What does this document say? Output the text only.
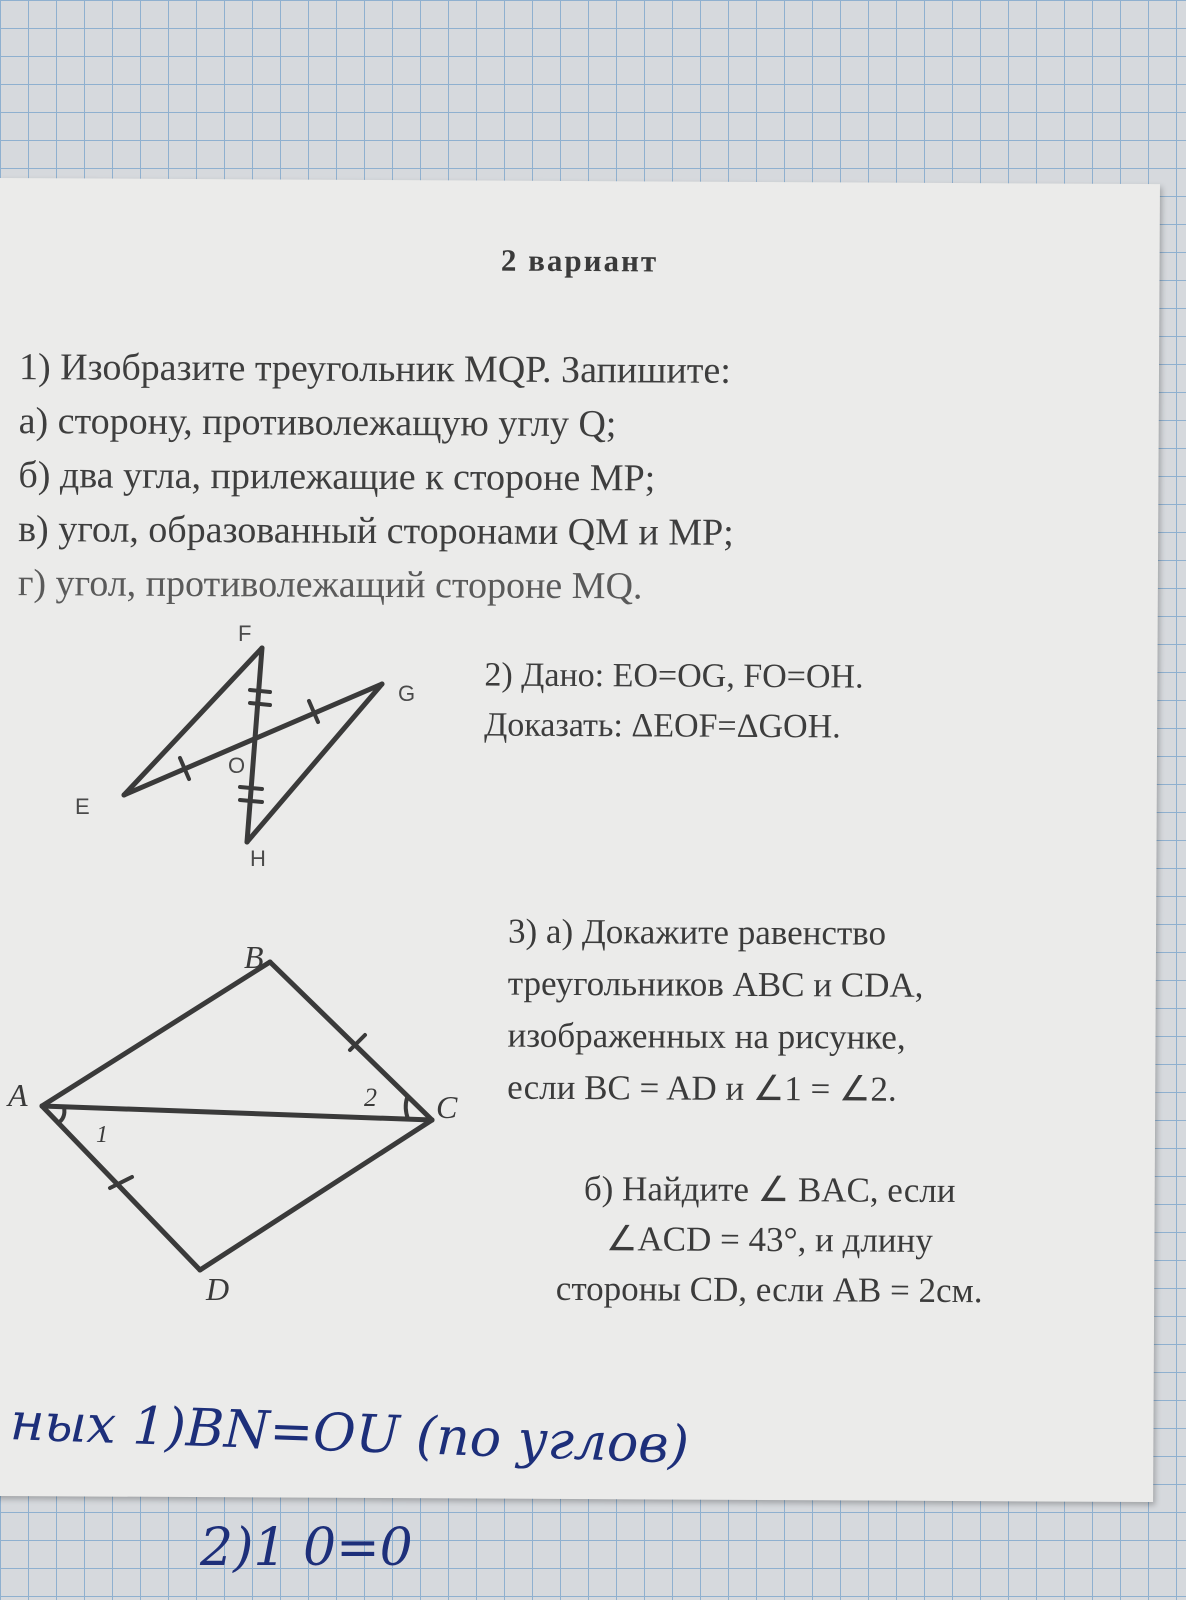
2 вариант
1) Изобразите треугольник MQP. Запишите:
а) сторону, противолежащую углу Q;
б) два угла, прилежащие к стороне MP;
в) угол, образованный сторонами QM и MP;
г) угол, противолежащий стороне MQ.
2) Дано: EO=OG, FO=OH.
Доказать: ΔEOF=ΔGOH.
3) а) Докажите равенство
треугольников ABC и CDA,
изображенных на рисунке,
если BC = AD и ∠1 = ∠2.
б) Найдите ∠ BAC, если
∠ACD = 43°, и длину
стороны CD, если AB = 2см.
F
G
O
E
H
A
B
C
D
1
2
ных 1)BN=OU (по углов)
2)1 0=0
